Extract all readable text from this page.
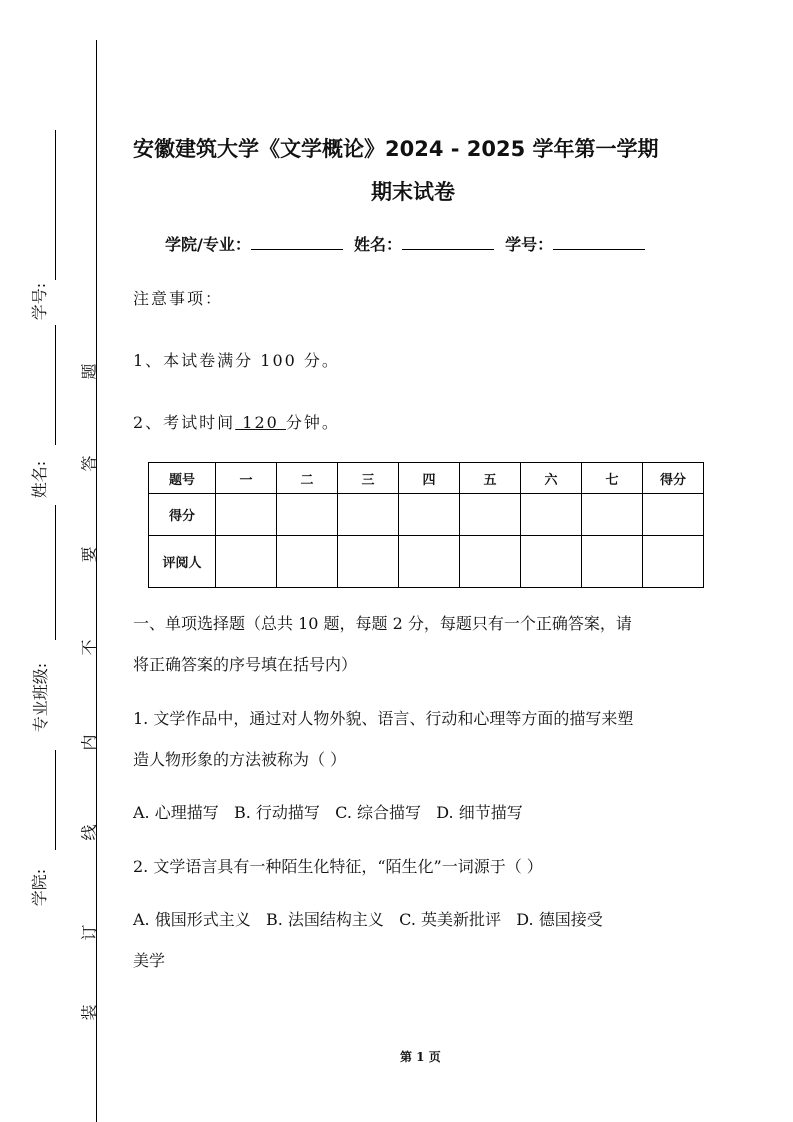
学号:
姓名:
专业班级:
学院:
题
答
要
不
内
线
订
装
安徽建筑大学《文学概论》2024 - 2025 学年第一学期
期末试卷
学院/专业：	姓名：	学号：
注意事项：
1、本试卷满分 100 分。
2、考试时间 120 分钟。
题号	一	二	三	四	五	六	七	得分
得分								
评阅人								
一、单项选择题（总共 10 题，每题 2 分，每题只有一个正确答案，请
将正确答案的序号填在括号内）
1. 文学作品中，通过对人物外貌、语言、行动和心理等方面的描写来塑
造人物形象的方法被称为（ ）
A. 心理描写   B. 行动描写   C. 综合描写   D. 细节描写
2. 文学语言具有一种陌生化特征，“陌生化”一词源于（ ）
A. 俄国形式主义   B. 法国结构主义   C. 英美新批评   D. 德国接受
美学
第 1 页
